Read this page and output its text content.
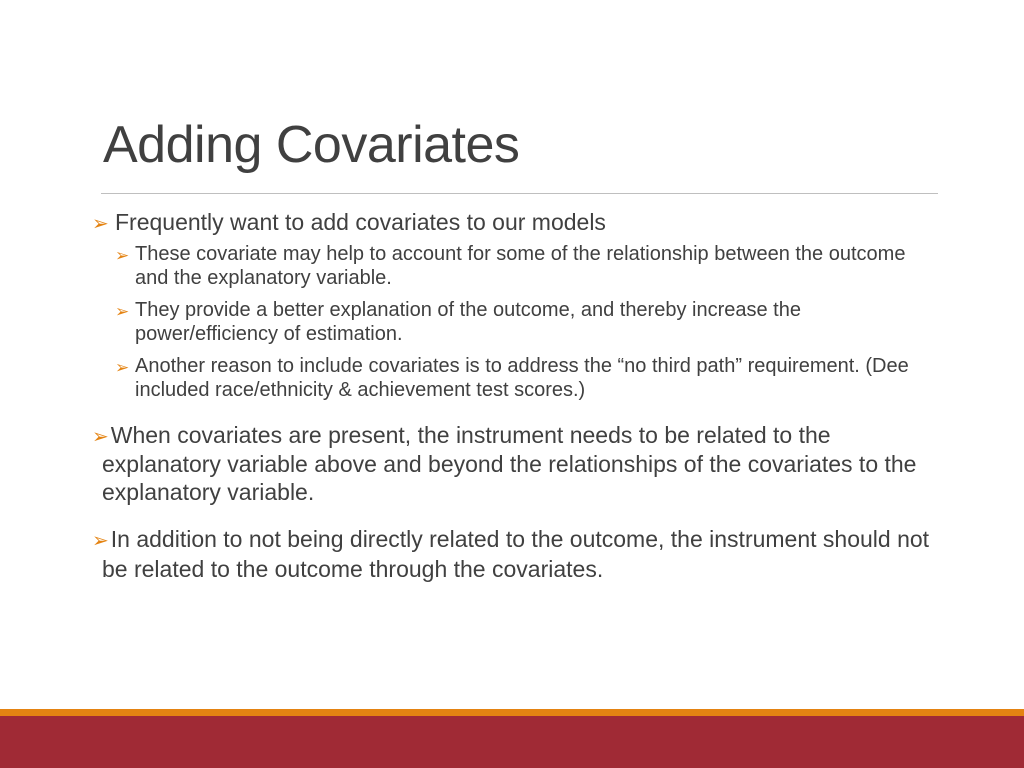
Adding Covariates
➢ Frequently want to add covariates to our models
➢ These covariate may help to account for some of the relationship between the outcome and the explanatory variable.
➢ They provide a better explanation of the outcome, and thereby increase the power/efficiency of estimation.
➢ Another reason to include covariates is to address the “no third path” requirement. (Dee included race/ethnicity & achievement test scores.)
➢When covariates are present, the instrument needs to be related to the explanatory variable above and beyond the relationships of the covariates to the explanatory variable.
➢In addition to not being directly related to the outcome, the instrument should not be related to the outcome through the covariates.
